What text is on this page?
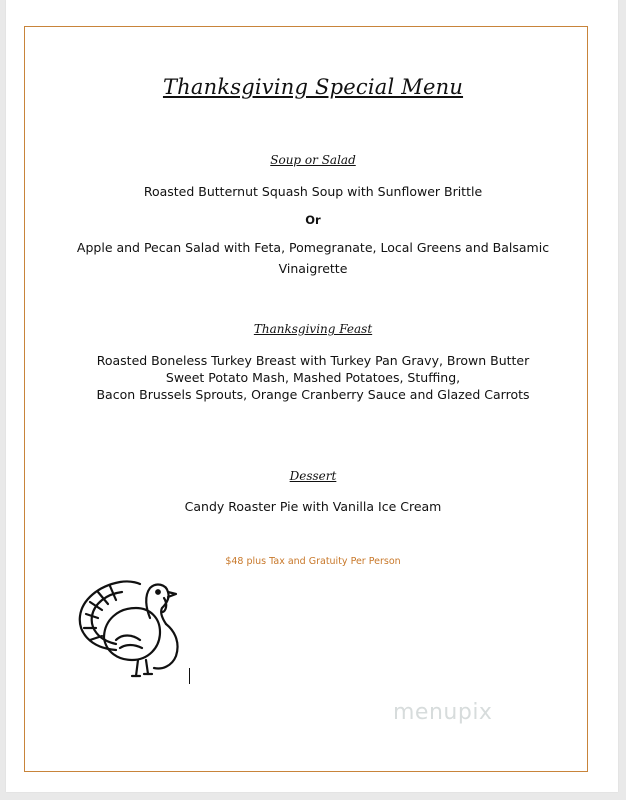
Thanksgiving Special Menu
Soup or Salad
Roasted Butternut Squash Soup with Sunflower Brittle
Or
Apple and Pecan Salad with Feta, Pomegranate, Local Greens and Balsamic
Vinaigrette
Thanksgiving Feast
Roasted Boneless Turkey Breast with Turkey Pan Gravy, Brown Butter
Sweet Potato Mash, Mashed Potatoes, Stuffing,
Bacon Brussels Sprouts, Orange Cranberry Sauce and Glazed Carrots
Dessert
Candy Roaster Pie with Vanilla Ice Cream
$48 plus Tax and Gratuity Per Person
menupix
